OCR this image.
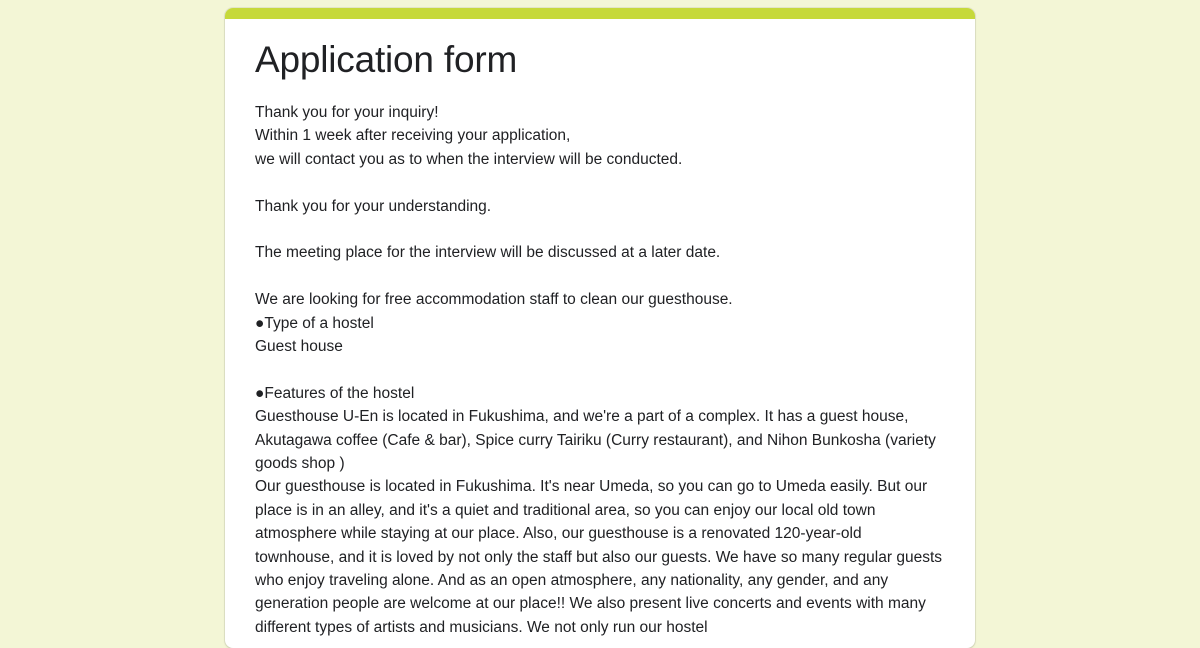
Application form

Thank you for your inquiry!

Within 1 week after receiving your application,

we will contact you as to when the interview will be conducted.

Thank you for your understanding.

The meeting place for the interview will be discussed at a later date.

We are looking for free accommodation staff to clean our guesthouse.

●Type of a hostel

Guest house

●Features of the hostel

Guesthouse U-En is located in Fukushima, and we're a part of a complex. It has a guest house, Akutagawa coffee (Cafe & bar), Spice curry Tairiku (Curry restaurant), and Nihon Bunkosha (variety goods shop )

Our guesthouse is located in Fukushima. It's near Umeda, so you can go to Umeda easily. But our place is in an alley, and it's a quiet and traditional area, so you can enjoy our local old town atmosphere while staying at our place. Also, our guesthouse is a renovated 120-year-old townhouse, and it is loved by not only the staff but also our guests. We have so many regular guests who enjoy traveling alone. And as an open atmosphere, any nationality, any gender, and any generation people are welcome at our place!! We also present live concerts and events with many different types of artists and musicians. We not only run our hostel
